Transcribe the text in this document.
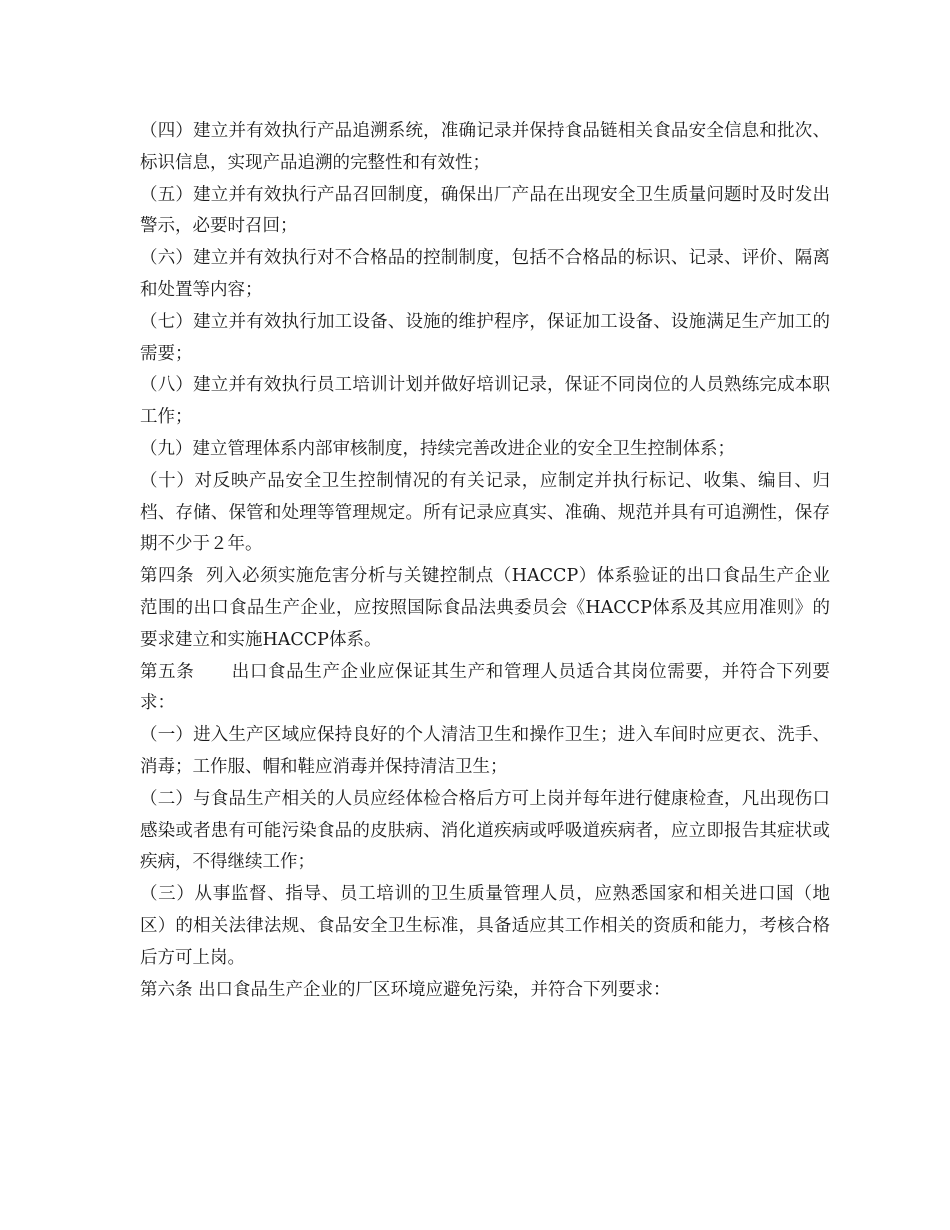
（四）建立并有效执行产品追溯系统，准确记录并保持食品链相关食品安全信息和批次、标识信息，实现产品追溯的完整性和有效性；

（五）建立并有效执行产品召回制度，确保出厂产品在出现安全卫生质量问题时及时发出警示，必要时召回；

（六）建立并有效执行对不合格品的控制制度，包括不合格品的标识、记录、评价、隔离和处置等内容；

（七）建立并有效执行加工设备、设施的维护程序，保证加工设备、设施满足生产加工的需要；

（八）建立并有效执行员工培训计划并做好培训记录，保证不同岗位的人员熟练完成本职工作；

（九）建立管理体系内部审核制度，持续完善改进企业的安全卫生控制体系；

（十）对反映产品安全卫生控制情况的有关记录，应制定并执行标记、收集、编目、归档、存储、保管和处理等管理规定。所有记录应真实、准确、规范并具有可追溯性，保存期不少于２年。

第四条  列入必须实施危害分析与关键控制点（HACCP）体系验证的出口食品生产企业范围的出口食品生产企业，应按照国际食品法典委员会《HACCP体系及其应用准则》的要求建立和实施HACCP体系。

第五条      出口食品生产企业应保证其生产和管理人员适合其岗位需要，并符合下列要求：

（一）进入生产区域应保持良好的个人清洁卫生和操作卫生；进入车间时应更衣、洗手、消毒；工作服、帽和鞋应消毒并保持清洁卫生；

（二）与食品生产相关的人员应经体检合格后方可上岗并每年进行健康检查，凡出现伤口感染或者患有可能污染食品的皮肤病、消化道疾病或呼吸道疾病者，应立即报告其症状或疾病，不得继续工作；

（三）从事监督、指导、员工培训的卫生质量管理人员，应熟悉国家和相关进口国（地区）的相关法律法规、食品安全卫生标准，具备适应其工作相关的资质和能力，考核合格后方可上岗。

第六条 出口食品生产企业的厂区环境应避免污染，并符合下列要求：
